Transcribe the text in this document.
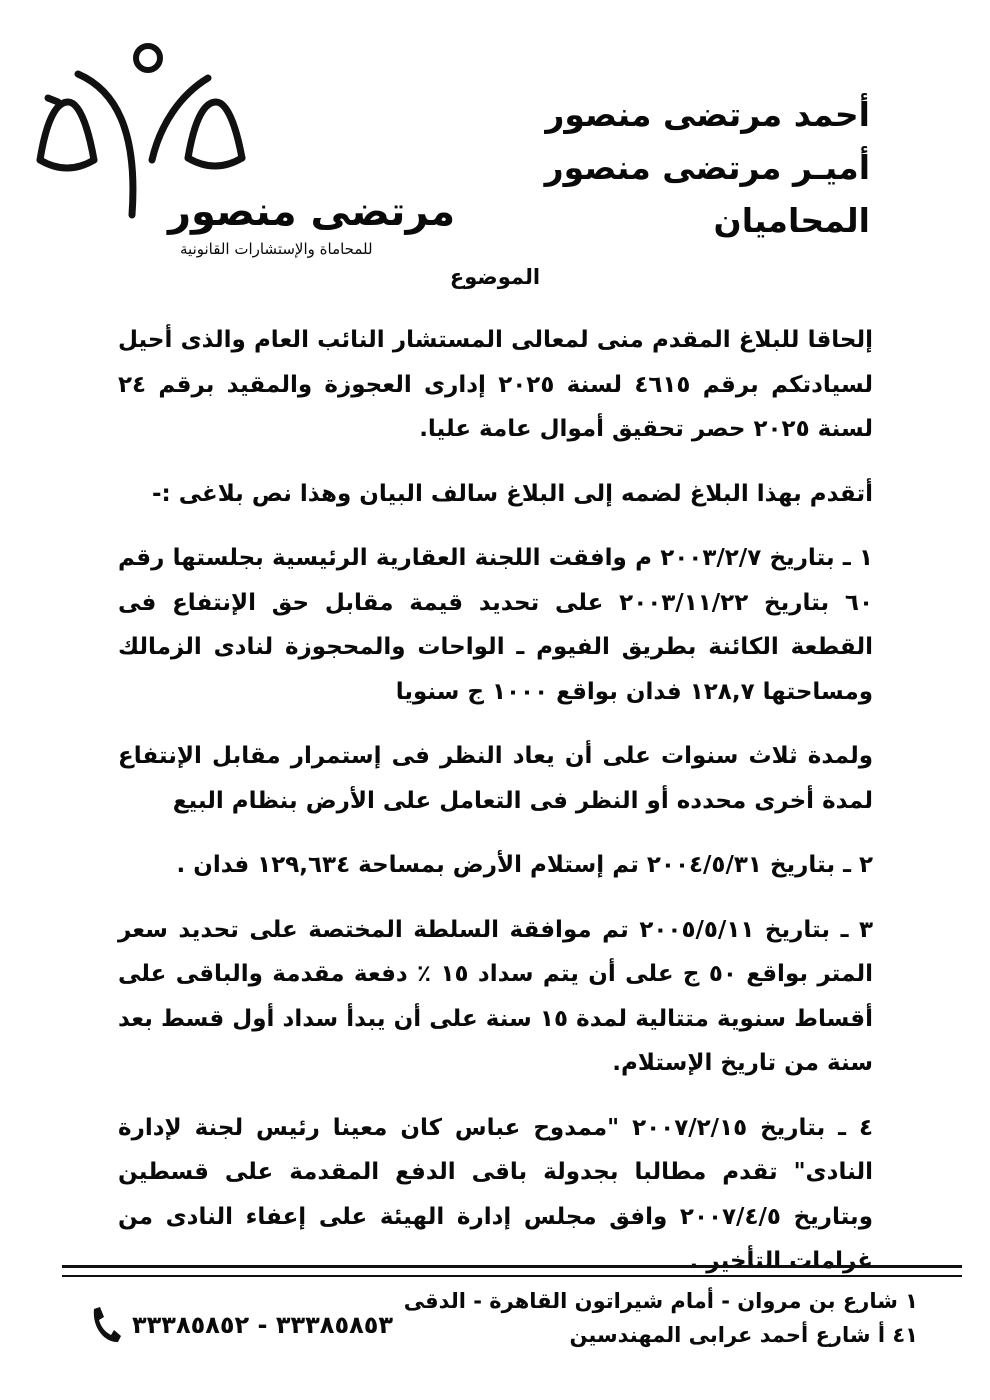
مرتضى منصور
للمحاماة والإستشارات القانونية
أحمد مرتضى منصور
أميـر مرتضى منصور
المحاميان
الموضوع

إلحاقا للبلاغ المقدم منى لمعالى المستشار النائب العام والذى أحيل لسيادتكم برقم ٤٦١٥ لسنة ٢٠٢٥ إدارى العجوزة والمقيد برقم ٢٤ لسنة ٢٠٢٥ حصر تحقيق أموال عامة عليا.

أتقدم بهذا البلاغ لضمه إلى البلاغ سالف البيان وهذا نص بلاغى :-

١ ـ بتاريخ ٢٠٠٣/٢/٧ م وافقت اللجنة العقارية الرئيسية بجلستها رقم ٦٠ بتاريخ ٢٠٠٣/١١/٢٢ على تحديد قيمة مقابل حق الإنتفاع فى القطعة الكائنة بطريق الفيوم ـ الواحات والمحجوزة لنادى الزمالك ومساحتها ١٢٨,٧ فدان بواقع ١٠٠٠ ج سنويا

ولمدة ثلاث سنوات على أن يعاد النظر فى إستمرار مقابل الإنتفاع لمدة أخرى محدده أو النظر فى التعامل على الأرض بنظام البيع

٢ ـ بتاريخ ٢٠٠٤/٥/٣١ تم إستلام الأرض بمساحة ١٢٩,٦٣٤ فدان .

٣ ـ بتاريخ ٢٠٠٥/٥/١١ تم موافقة السلطة المختصة على تحديد سعر المتر بواقع ٥٠ ج على أن يتم سداد ١٥ ٪ دفعة مقدمة والباقى على أقساط سنوية متتالية لمدة ١٥ سنة على أن يبدأ سداد أول قسط بعد سنة من تاريخ الإستلام.

٤ ـ بتاريخ ٢٠٠٧/٢/١٥ "ممدوح عباس كان معينا رئيس لجنة لإدارة النادى" تقدم مطالبا بجدولة باقى الدفع المقدمة على قسطين وبتاريخ ٢٠٠٧/٤/٥ وافق مجلس إدارة الهيئة على إعفاء النادى من غرامات التأخير .

١ شارع بن مروان - أمام شيراتون القاهرة - الدقى
٤١ أ شارع أحمد عرابى المهندسين
٣٣٣٨٥٨٥٣ - ٣٣٣٨٥٨٥٢
